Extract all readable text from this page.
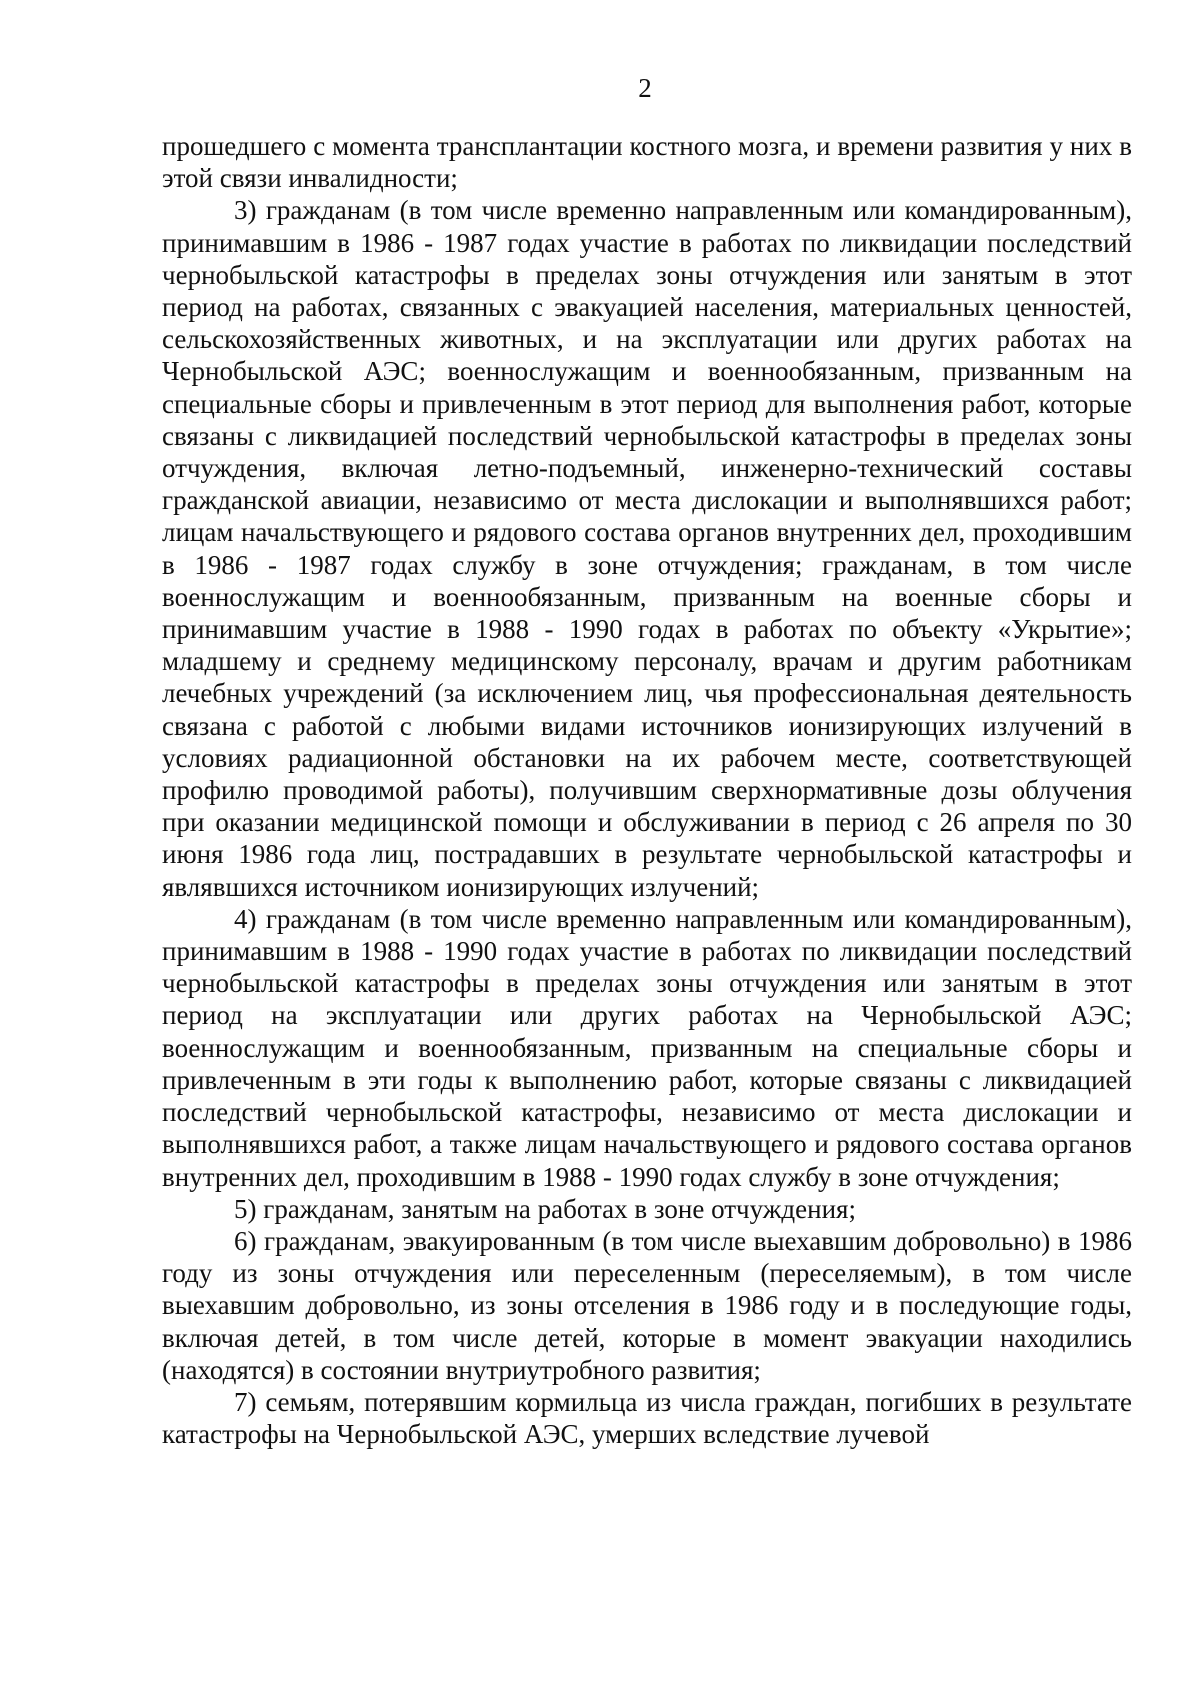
2

прошедшего с момента трансплантации костного мозга, и времени развития у них в этой связи инвалидности;

3) гражданам (в том числе временно направленным или командированным), принимавшим в 1986 - 1987 годах участие в работах по ликвидации последствий чернобыльской катастрофы в пределах зоны отчуждения или занятым в этот период на работах, связанных с эвакуацией населения, материальных ценностей, сельскохозяйственных животных, и на эксплуатации или других работах на Чернобыльской АЭС; военнослужащим и военнообязанным, призванным на специальные сборы и привлеченным в этот период для выполнения работ, которые связаны с ликвидацией последствий чернобыльской катастрофы в пределах зоны отчуждения, включая летно-подъемный, инженерно-технический составы гражданской авиации, независимо от места дислокации и выполнявшихся работ; лицам начальствующего и рядового состава органов внутренних дел, проходившим в 1986 - 1987 годах службу в зоне отчуждения; гражданам, в том числе военнослужащим и военнообязанным, призванным на военные сборы и принимавшим участие в 1988 - 1990 годах в работах по объекту «Укрытие»; младшему и среднему медицинскому персоналу, врачам и другим работникам лечебных учреждений (за исключением лиц, чья профессиональная деятельность связана с работой с любыми видами источников ионизирующих излучений в условиях радиационной обстановки на их рабочем месте, соответствующей профилю проводимой работы), получившим сверхнормативные дозы облучения при оказании медицинской помощи и обслуживании в период с 26 апреля по 30 июня 1986 года лиц, пострадавших в результате чернобыльской катастрофы и являвшихся источником ионизирующих излучений;

4) гражданам (в том числе временно направленным или командированным), принимавшим в 1988 - 1990 годах участие в работах по ликвидации последствий чернобыльской катастрофы в пределах зоны отчуждения или занятым в этот период на эксплуатации или других работах на Чернобыльской АЭС; военнослужащим и военнообязанным, призванным на специальные сборы и привлеченным в эти годы к выполнению работ, которые связаны с ликвидацией последствий чернобыльской катастрофы, независимо от места дислокации и выполнявшихся работ, а также лицам начальствующего и рядового состава органов внутренних дел, проходившим в 1988 - 1990 годах службу в зоне отчуждения;

5) гражданам, занятым на работах в зоне отчуждения;

6) гражданам, эвакуированным (в том числе выехавшим добровольно) в 1986 году из зоны отчуждения или переселенным (переселяемым), в том числе выехавшим добровольно, из зоны отселения в 1986 году и в последующие годы, включая детей, в том числе детей, которые в момент эвакуации находились (находятся) в состоянии внутриутробного развития;

7) семьям, потерявшим кормильца из числа граждан, погибших в результате катастрофы на Чернобыльской АЭС, умерших вследствие лучевой
